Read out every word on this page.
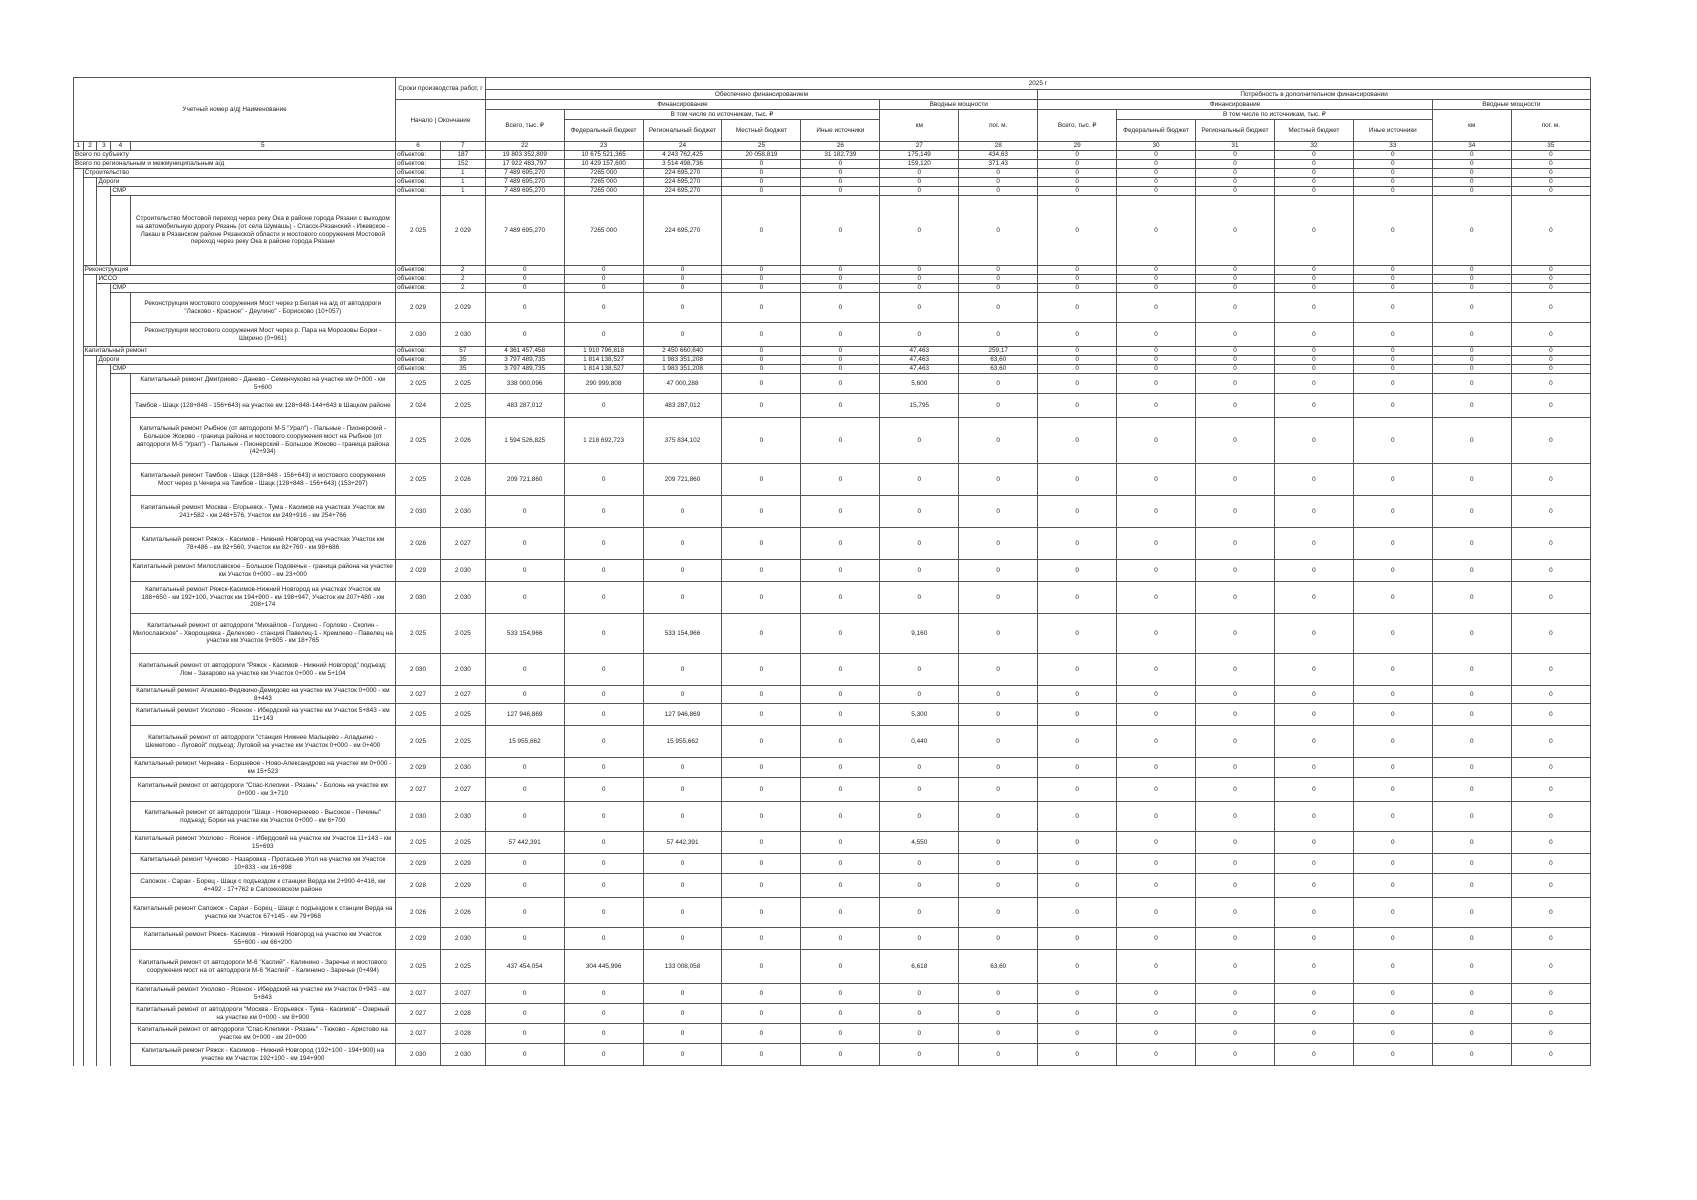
Учетный номер а/д| Наименование					Сроки производства работ, г		2025 г													
							Обеспечено финансированием							Потребность в дополнительном финансировании						
					Начало | Окончание		Финансирование					Вводные мощности		Финансирование					Вводные мощности	
							Всего, тыс. ₽	В том числе по источникам, тыс. ₽				км	пог. м.	Всего, тыс. ₽	В том числе по источникам, тыс. ₽				км	пог. м.
								Федеральный бюджет	Региональный бюджет	Местный бюджет	Иные источники				Федеральный бюджет	Региональный бюджет	Местный бюджет	Иные источники		
1	2	3	4	5	6	7	22	23	24	25	26	27	28	29	30	31	32	33	34	35
Всего по субъекту					объектов:	187	19 803 352,809	10 675 521,365	4 243 762,425	20 058,819	31 182,739	175,149	434,63	0	0	0	0	0	0	0
Всего по региональным и межмуниципальным а/д					объектов:	152	17 922 483,797	10 429 157,600	3 514 498,736	0	0	159,120	371,43	0	0	0	0	0	0	0
	Строительство				объектов:	1	7 489 695,270	7265 000	224 695,270	0	0	0	0	0	0	0	0	0	0	0
		Дороги			объектов:	1	7 489 695,270	7265 000	224 695,270	0	0	0	0	0	0	0	0	0	0	0
			СМР		объектов:	1	7 489 695,270	7265 000	224 695,270	0	0	0	0	0	0	0	0	0	0	0
				Строительство Мостовой переход через реку Ока в районе города Рязани с выходом на автомобильную дорогу Рязань (от села Шумашь) - Спасск-Рязанский - Ижевское - Лакаш в Рязанском районе Рязанской области и мостового сооружения Мостовой переход через реку Ока в районе города Рязани	2 025	2 029	7 489 695,270	7265 000	224 695,270	0	0	0	0	0	0	0	0	0	0	0
	Реконструкция				объектов:	2	0	0	0	0	0	0	0	0	0	0	0	0	0	0
		ИССО			объектов:	2	0	0	0	0	0	0	0	0	0	0	0	0	0	0
			СМР		объектов:	2	0	0	0	0	0	0	0	0	0	0	0	0	0	0
				Реконструкция мостового сооружения Мост через р.Белая на а/д от автодороги "Ласково - Красное" - Деулино" - Борисково (10+057)	2 029	2 029	0	0	0	0	0	0	0	0	0	0	0	0	0	0
				Реконструкция мостового сооружения Мост через р. Пара на Морозовы Борки - Ширино (0+961)	2 030	2 030	0	0	0	0	0	0	0	0	0	0	0	0	0	0
	Капитальный ремонт				объектов:	57	4 361 457,458	1 910 796,818	2 450 660,640	0	0	47,463	259,17	0	0	0	0	0	0	0
		Дороги			объектов:	35	3 797 489,735	1 814 138,527	1 983 351,208	0	0	47,463	63,60	0	0	0	0	0	0	0
			СМР		объектов:	35	3 797 489,735	1 814 138,527	1 983 351,208	0	0	47,463	63,60	0	0	0	0	0	0	0
				Капитальный ремонт Дмитриево - Данево - Семенчуково на участке км 0+000 - км 5+600	2 025	2 025	338 000,096	290 999,808	47 000,288	0	0	5,600	0	0	0	0	0	0	0	0
				Тамбов - Шацк (128+848 - 156+643) на участке км 128+848-144+643 в Шацком районе	2 024	2 025	483 287,012	0	483 287,012	0	0	15,795	0	0	0	0	0	0	0	0
				Капитальный ремонт Рыбное (от автодороги М-5 "Урал") - Пальные - Пионерский - Большое Жоково - граница района и мостового сооружения мост на Рыбное (от автодороги М-5 "Урал") - Пальные - Пионерский - Большое Жоково - граница района (42+934)	2 025	2 026	1 594 526,825	1 218 692,723	375 834,102	0	0	0	0	0	0	0	0	0	0	0
				Капитальный ремонт Тамбов - Шацк (128+848 - 156+643) и мостового сооружения Мост через р.Чечера на Тамбов - Шацк (128+848 - 156+643) (153+297)	2 025	2 026	209 721,860	0	209 721,860	0	0	0	0	0	0	0	0	0	0	0
				Капитальный ремонт Москва - Егорьевск - Тума - Касимов на участках Участок км 241+582 - км 248+576, Участок км 249+916 - км 254+766	2 030	2 030	0	0	0	0	0	0	0	0	0	0	0	0	0	0
				Капитальный ремонт Ряжск - Касимов - Нижний Новгород на участках Участок км 78+486 - км 82+560, Участок км 82+760 - км 98+686	2 026	2 027	0	0	0	0	0	0	0	0	0	0	0	0	0	0
				Капитальный ремонт Милославское - Большое Подовечье - граница района на участке км Участок 0+000 - км 23+000	2 029	2 030	0	0	0	0	0	0	0	0	0	0	0	0	0	0
				Капитальный ремонт Ряжск-Касимов-Нижний Новгород на участках Участок км 188+650 - км 192+100, Участок км 194+900 - км 198+947, Участок км 207+480 - км 208+174	2 030	2 030	0	0	0	0	0	0	0	0	0	0	0	0	0	0
				Капитальный ремонт от автодороги "Михайлов - Голдино - Горлово - Скопин - Милославское" - Хворощевка - Делехово - станция Павелец-1 - Кремлево - Павелец на участке км Участок 9+605 - км 18+765	2 025	2 025	533 154,966	0	533 154,966	0	0	9,160	0	0	0	0	0	0	0	0
				Капитальный ремонт от автодороги "Ряжск - Касимов - Нижний Новгород" подъезд: Лом - Захарово на участке км Участок 0+000 - км 5+104	2 030	2 030	0	0	0	0	0	0	0	0	0	0	0	0	0	0
				Капитальный ремонт Агишево-Федякино-Демидово на участке км Участок 0+000 - км 8+443	2 027	2 027	0	0	0	0	0	0	0	0	0	0	0	0	0	0
				Капитальный ремонт Ухолово - Ясенок - Ибердский на участке км Участок 5+843 - км 11+143	2 025	2 025	127 946,869	0	127 946,869	0	0	5,300	0	0	0	0	0	0	0	0
				Капитальный ремонт от автодороги "станция Нижнее Мальцево - Аладьино - Шеметово - Луговой" подъезд: Луговой на участке км Участок 0+000 - км 0+400	2 025	2 025	15 955,662	0	15 955,662	0	0	0,440	0	0	0	0	0	0	0	0
				Капитальный ремонт Чернава - Боршевое - Ново-Александрово на участке км 0+000 - км 15+523	2 029	2 030	0	0	0	0	0	0	0	0	0	0	0	0	0	0
				Капитальный ремонт от автодороги "Спас-Клепики - Рязань" - Болонь на участке км 0+000 - км 3+710	2 027	2 027	0	0	0	0	0	0	0	0	0	0	0	0	0	0
				Капитальный ремонт от автодороги "Шацк - Новочернеево - Высокое - Печины" подъезд: Борки на участке км Участок 0+000 - км 6+700	2 030	2 030	0	0	0	0	0	0	0	0	0	0	0	0	0	0
				Капитальный ремонт Ухолово - Ясенок - Ибердский на участке км Участок 11+143 - км 15+693	2 025	2 025	57 442,391	0	57 442,391	0	0	4,550	0	0	0	0	0	0	0	0
				Капитальный ремонт Чучково - Назаровка - Протасьев Угол на участке км Участок 10+833 - км 16+898	2 029	2 029	0	0	0	0	0	0	0	0	0	0	0	0	0	0
				Сапожок - Сараи - Борец - Шацк с подъездом к станции Верда км 2+900 4+416, км 4+492 - 17+762 в Сапожковском районе	2 028	2 029	0	0	0	0	0	0	0	0	0	0	0	0	0	0
				Капитальный ремонт Сапожок - Сараи - Борец - Шацк с подъездом к станции Верда на участке км Участок 67+145 - км 79+968	2 026	2 026	0	0	0	0	0	0	0	0	0	0	0	0	0	0
				Капитальный ремонт Ряжск- Касимов - Нижний Новгород на участке км Участок 55+600 - км 66+200	2 029	2 030	0	0	0	0	0	0	0	0	0	0	0	0	0	0
				Капитальный ремонт от автодороги М-6 "Каспий" - Калинино - Заречье и мостового сооружения мост на от автодороги М-6 "Каспий" - Калинино - Заречье (0+494)	2 025	2 025	437 454,054	304 445,996	133 008,058	0	0	6,618	63,60	0	0	0	0	0	0	0
				Капитальный ремонт Ухолово - Ясенок - Ибердский на участке км Участок 0+943 - км 5+843	2 027	2 027	0	0	0	0	0	0	0	0	0	0	0	0	0	0
				Капитальный ремонт от автодороги "Москва - Егорьевск - Тума - Касимов" - Озерный на участке км 0+000 - км 8+900	2 027	2 028	0	0	0	0	0	0	0	0	0	0	0	0	0	0
				Капитальный ремонт от автодороги "Спас-Клепики - Рязань" - Тюково - Аристово на участке км 0+000 - км 20+000	2 027	2 028	0	0	0	0	0	0	0	0	0	0	0	0	0	0
				Капитальный ремонт Ряжск - Касимов - Нижний Новгород (192+100 - 194+900) на участке км Участок 192+100 - км 194+900	2 030	2 030	0	0	0	0	0	0	0	0	0	0	0	0	0	0
